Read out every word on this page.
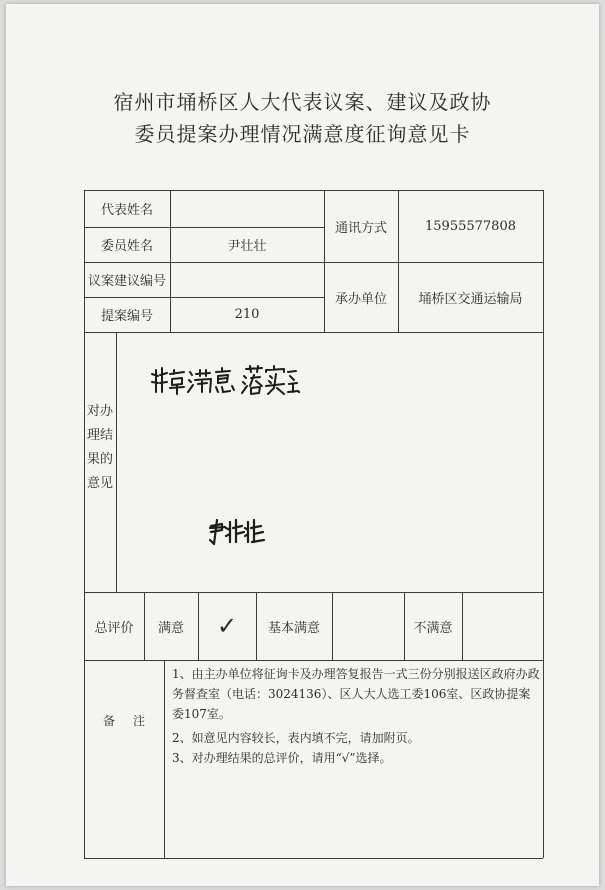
宿州市埇桥区人大代表议案、建议及政协
委员提案办理情况满意度征询意见卡
代表姓名
委员姓名	尹壮壮
通讯方式	15955577808
议案建议编号
提案编号	210
承办单位	埇桥区交通运输局
对办
理结
果的
意见
总评价	满意	✓	基本满意	不满意
备注
1、由主办单位将征询卡及办理答复报告一式三份分别报送区政府办政务督查室（电话：3024136）、区人大人选工委106室、区政协提案委107室。
2、如意见内容较长，表内填不完，请加附页。
3、对办理结果的总评价，请用“√”选择。
